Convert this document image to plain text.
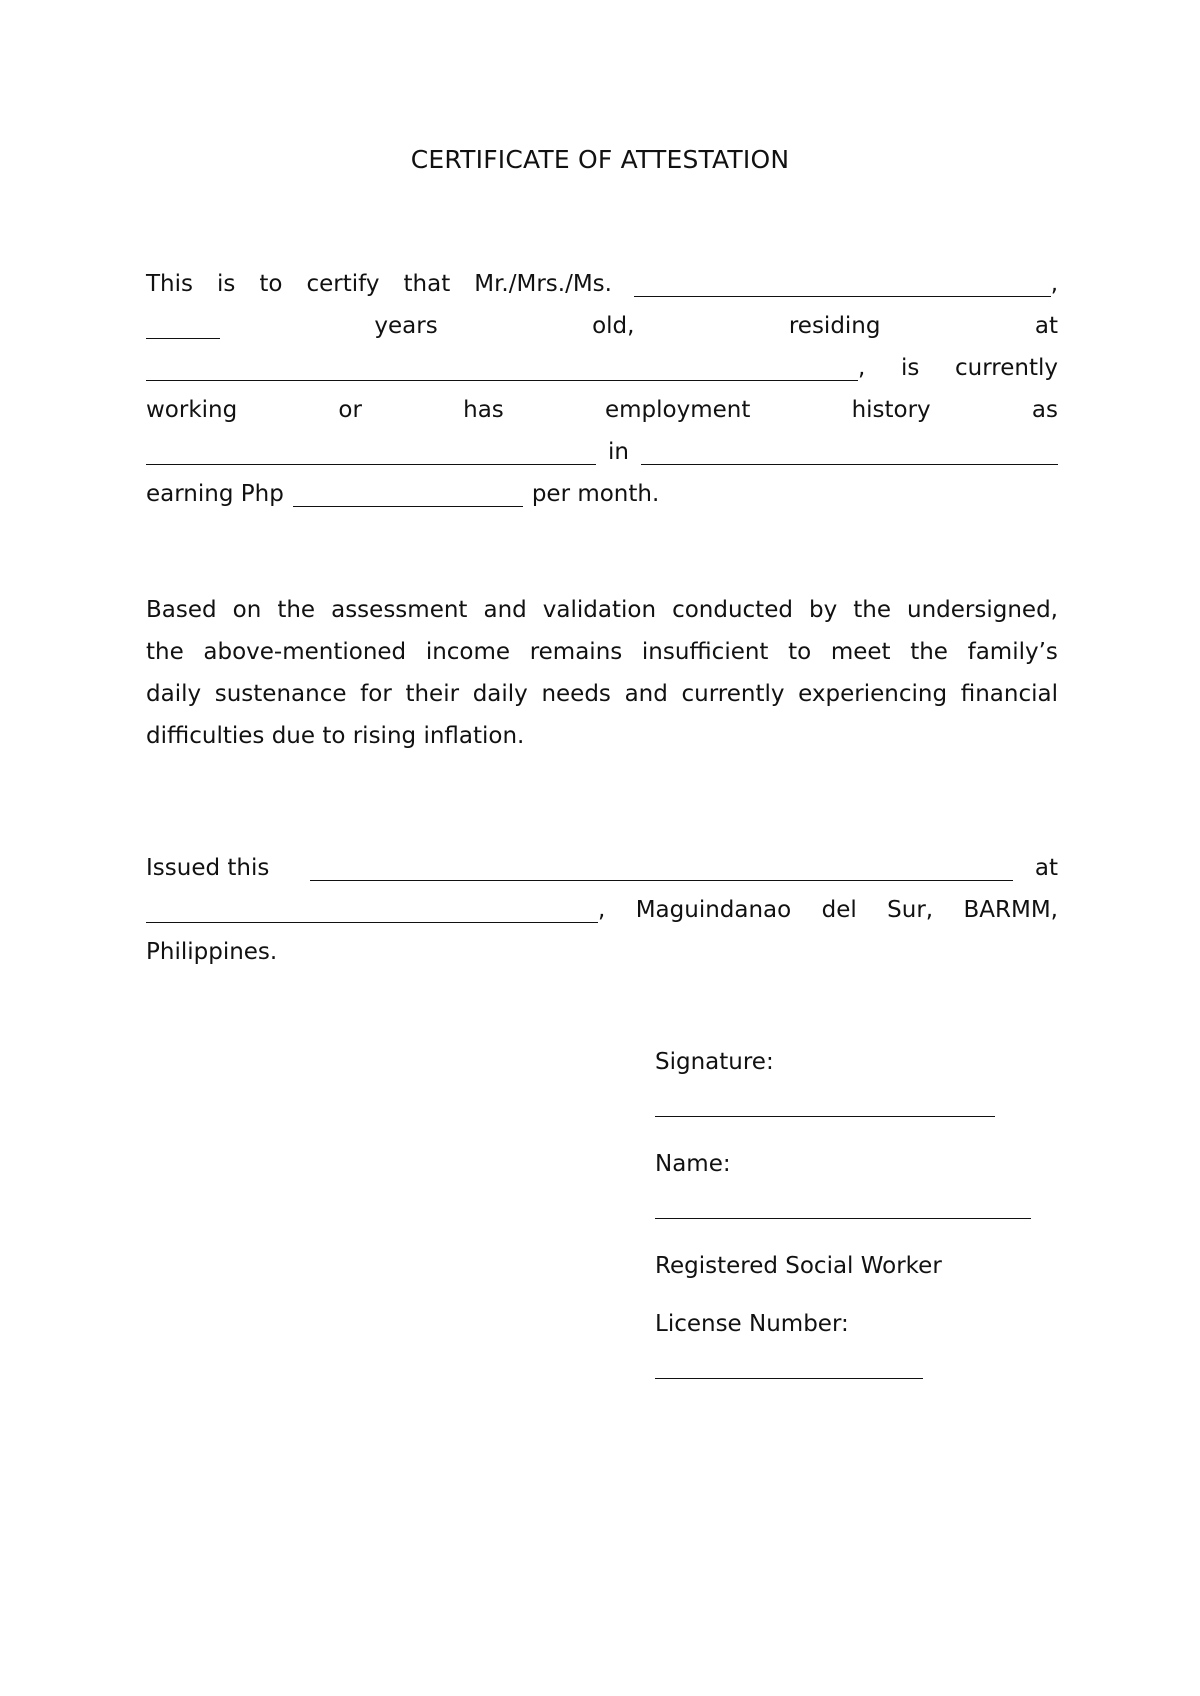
CERTIFICATE OF ATTESTATION
This is to certify that Mr./Mrs./Ms.	,
years	old,	residing	at
, is currently
working	or	has	employment	history	as
in
earning Php	per month.
Based on the assessment and validation conducted by the undersigned,
the above-mentioned income remains insufficient to meet the family’s
daily sustenance for their daily needs and currently experiencing financial
difficulties due to rising inflation.
Issued this	at
, Maguindanao del Sur, BARMM,
Philippines.
Signature:
Name:
Registered Social Worker
License Number:
